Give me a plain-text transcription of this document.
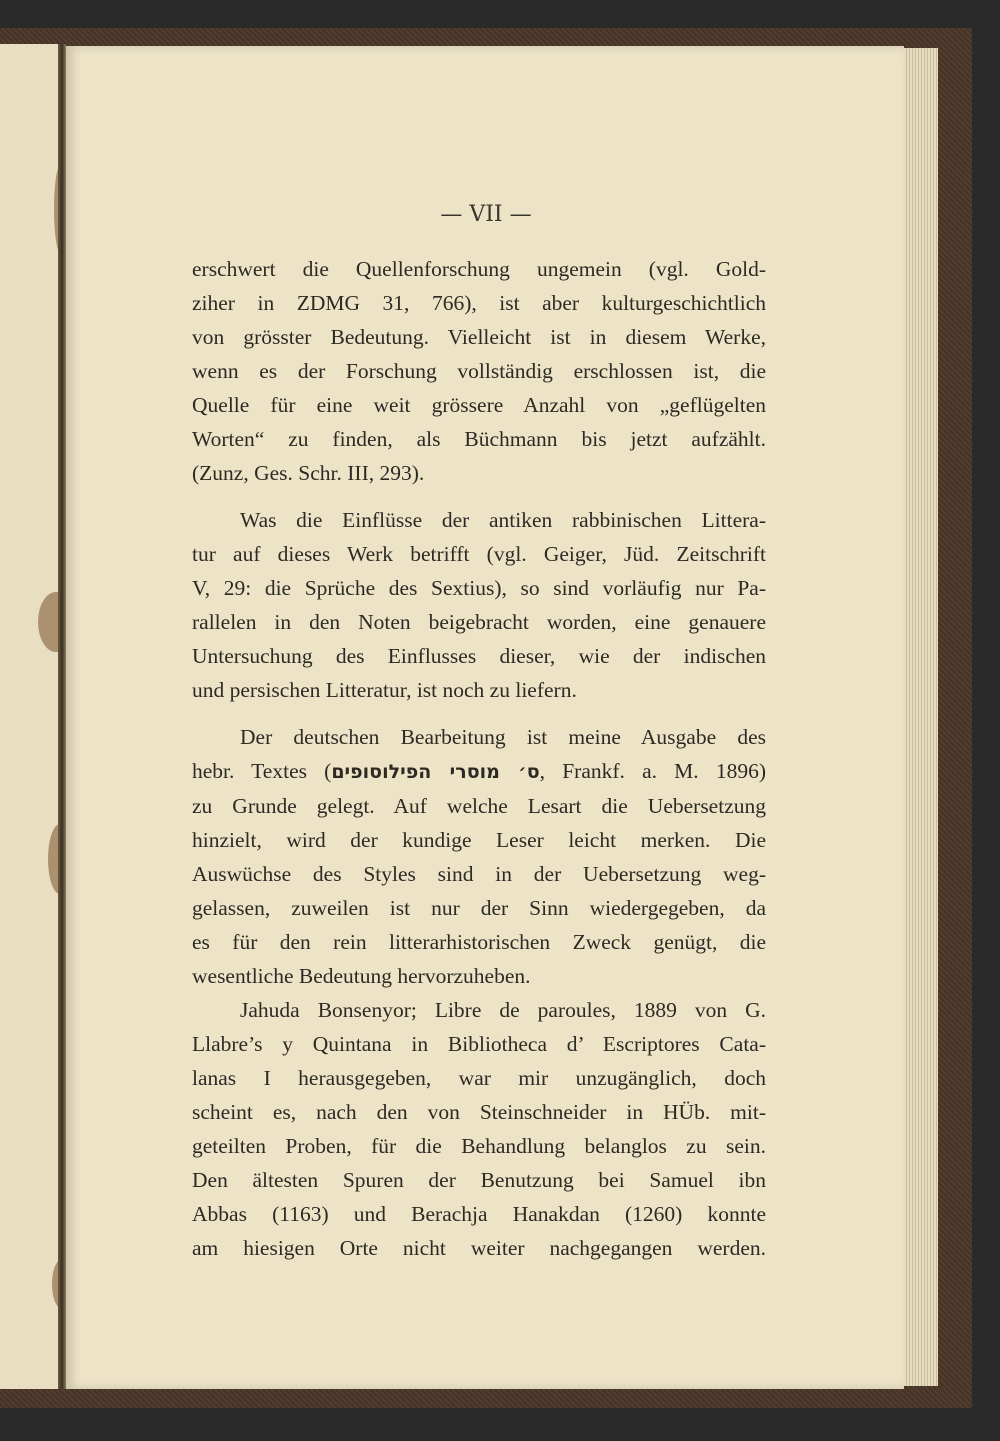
— VII —
erschwert die Quellenforschung ungemein (vgl. Gold-
ziher in ZDMG 31, 766), ist aber kulturgeschichtlich
von grösster Bedeutung. Vielleicht ist in diesem Werke,
wenn es der Forschung vollständig erschlossen ist, die
Quelle für eine weit grössere Anzahl von „geflügelten
Worten“ zu finden, als Büchmann bis jetzt aufzählt.
(Zunz, Ges. Schr. III, 293).
Was die Einflüsse der antiken rabbinischen Littera-
tur auf dieses Werk betrifft (vgl. Geiger, Jüd. Zeitschrift
V, 29: die Sprüche des Sextius), so sind vorläufig nur Pa-
rallelen in den Noten beigebracht worden, eine genauere
Untersuchung des Einflusses dieser, wie der indischen
und persischen Litteratur, ist noch zu liefern.
Der deutschen Bearbeitung ist meine Ausgabe des
hebr. Textes (ס׳ מוסרי הפילוסופים, Frankf. a. M. 1896)
zu Grunde gelegt. Auf welche Lesart die Uebersetzung
hinzielt, wird der kundige Leser leicht merken. Die
Auswüchse des Styles sind in der Uebersetzung weg-
gelassen, zuweilen ist nur der Sinn wiedergegeben, da
es für den rein litterarhistorischen Zweck genügt, die
wesentliche Bedeutung hervorzuheben.
Jahuda Bonsenyor; Libre de paroules, 1889 von G.
Llabre’s y Quintana in Bibliotheca d’ Escriptores Cata-
lanas I herausgegeben, war mir unzugänglich, doch
scheint es, nach den von Steinschneider in HÜb. mit-
geteilten Proben, für die Behandlung belanglos zu sein.
Den ältesten Spuren der Benutzung bei Samuel ibn
Abbas (1163) und Berachja Hanakdan (1260) konnte
am hiesigen Orte nicht weiter nachgegangen werden.
